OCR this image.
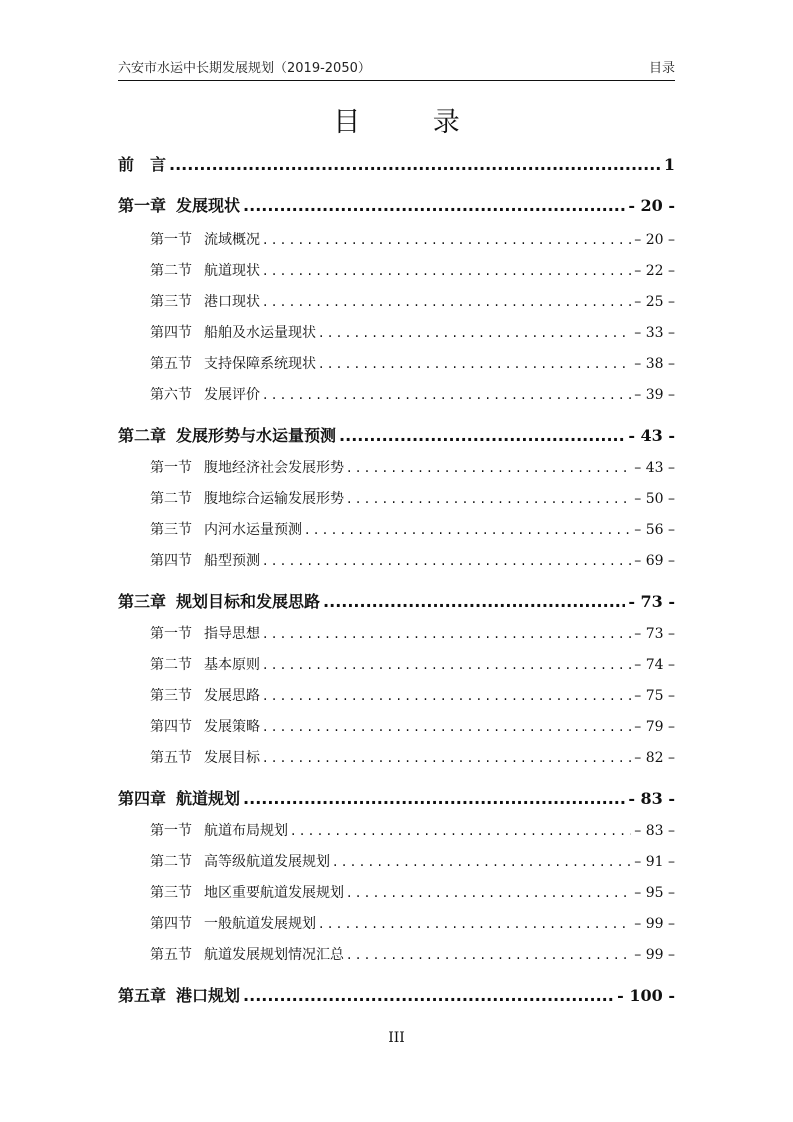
六安市水运中长期发展规划（2019-2050）	目录
目 录
前　言 .....	1
第一章 发展现状 .....	- 20 -
第一节 流域概况 . . .	– 20 –
第二节 航道现状 . . .	– 22 –
第三节 港口现状 . . .	– 25 –
第四节 船舶及水运量现状 . . .	– 33 –
第五节 支持保障系统现状 . . .	– 38 –
第六节 发展评价 . . .	– 39 –
第二章 发展形势与水运量预测 .....	- 43 -
第一节 腹地经济社会发展形势 . . .	– 43 –
第二节 腹地综合运输发展形势 . . .	– 50 –
第三节 内河水运量预测 . . .	– 56 –
第四节 船型预测 . . .	– 69 –
第三章 规划目标和发展思路 .....	- 73 -
第一节 指导思想 . . .	– 73 –
第二节 基本原则 . . .	– 74 –
第三节 发展思路 . . .	– 75 –
第四节 发展策略 . . .	– 79 –
第五节 发展目标 . . .	– 82 –
第四章 航道规划 .....	- 83 -
第一节 航道布局规划 . . .	– 83 –
第二节 高等级航道发展规划 . . .	– 91 –
第三节 地区重要航道发展规划 . . .	– 95 –
第四节 一般航道发展规划 . . .	– 99 –
第五节 航道发展规划情况汇总 . . .	– 99 –
第五章 港口规划 .....	- 100 -
III
